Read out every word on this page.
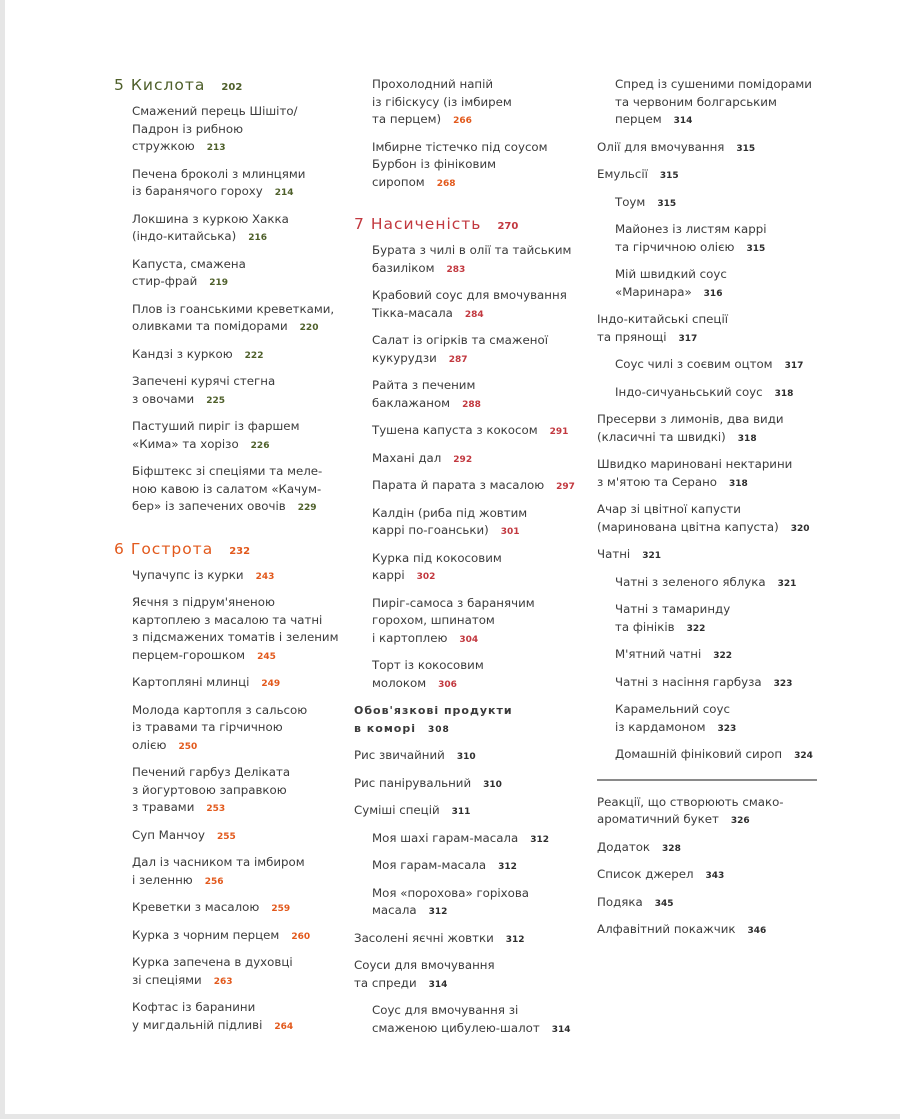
5 Кислота 202
Смажений перець Шішіто/
Падрон із рибною
стружкою 213
Печена броколі з млинцями
із баранячого гороху 214
Локшина з куркою Хакка
(індо-китайська) 216
Капуста, смажена
стир-фрай 219
Плов із гоанськими креветками,
оливками та помідорами 220
Кандзі з куркою 222
Запечені курячі стегна
з овочами 225
Пастуший пиріг із фаршем
«Кима» та хорізо 226
Біфштекс зі спеціями та меле-
ною кавою із салатом «Качум-
бер» із запечених овочів 229
6 Гострота 232
Чупачупс із курки 243
Яєчня з підрум'яненою
картоплею з масалою та чатні
з підсмажених томатів і зеленим
перцем-горошком 245
Картопляні млинці 249
Молода картопля з сальсою
із травами та гірчичною
олією 250
Печений гарбуз Деліката
з йогуртовою заправкою
з травами 253
Суп Манчоу 255
Дал із часником та імбиром
і зеленню 256
Креветки з масалою 259
Курка з чорним перцем 260
Курка запечена в духовці
зі спеціями 263
Кофтас із баранини
у мигдальній підливі 264
Прохолодний напій
із гібіскусу (із імбирем
та перцем) 266
Імбирне тістечко під соусом
Бурбон із фініковим
сиропом 268
7 Насиченість 270
Бурата з чилі в олії та тайським
базиліком 283
Крабовий соус для вмочування
Тікка-масала 284
Салат із огірків та смаженої
кукурудзи 287
Райта з печеним
баклажаном 288
Тушена капуста з кокосом 291
Махані дал 292
Парата й парата з масалою 297
Калдін (риба під жовтим
каррі по-гоанськи) 301
Курка під кокосовим
каррі 302
Пиріг-самоса з баранячим
горохом, шпинатом
і картоплею 304
Торт із кокосовим
молоком 306
Обов'язкові продукти
в коморі 308
Рис звичайний 310
Рис панірувальний 310
Суміші спецій 311
Моя шахі гарам-масала 312
Моя гарам-масала 312
Моя «порохова» горіхова
масала 312
Засолені яєчні жовтки 312
Соуси для вмочування
та спреди 314
Соус для вмочування зі
смаженою цибулею-шалот 314
Спред із сушеними помідорами
та червоним болгарським
перцем 314
Олії для вмочування 315
Емульсії 315
Тоум 315
Майонез із листям каррі
та гірчичною олією 315
Мій швидкий соус
«Маринара» 316
Індо-китайські спеції
та прянощі 317
Соус чилі з соєвим оцтом 317
Індо-сичуаньський соус 318
Пресерви з лимонів, два види
(класичні та швидкі) 318
Швидко мариновані нектарини
з м'ятою та Серано 318
Ачар зі цвітної капусти
(маринована цвітна капуста) 320
Чатні 321
Чатні з зеленого яблука 321
Чатні з тамаринду
та фініків 322
М'ятний чатні 322
Чатні з насіння гарбуза 323
Карамельний соус
із кардамоном 323
Домашній фініковий сироп 324
Реакції, що створюють смако-
ароматичний букет 326
Додаток 328
Список джерел 343
Подяка 345
Алфавітний покажчик 346
